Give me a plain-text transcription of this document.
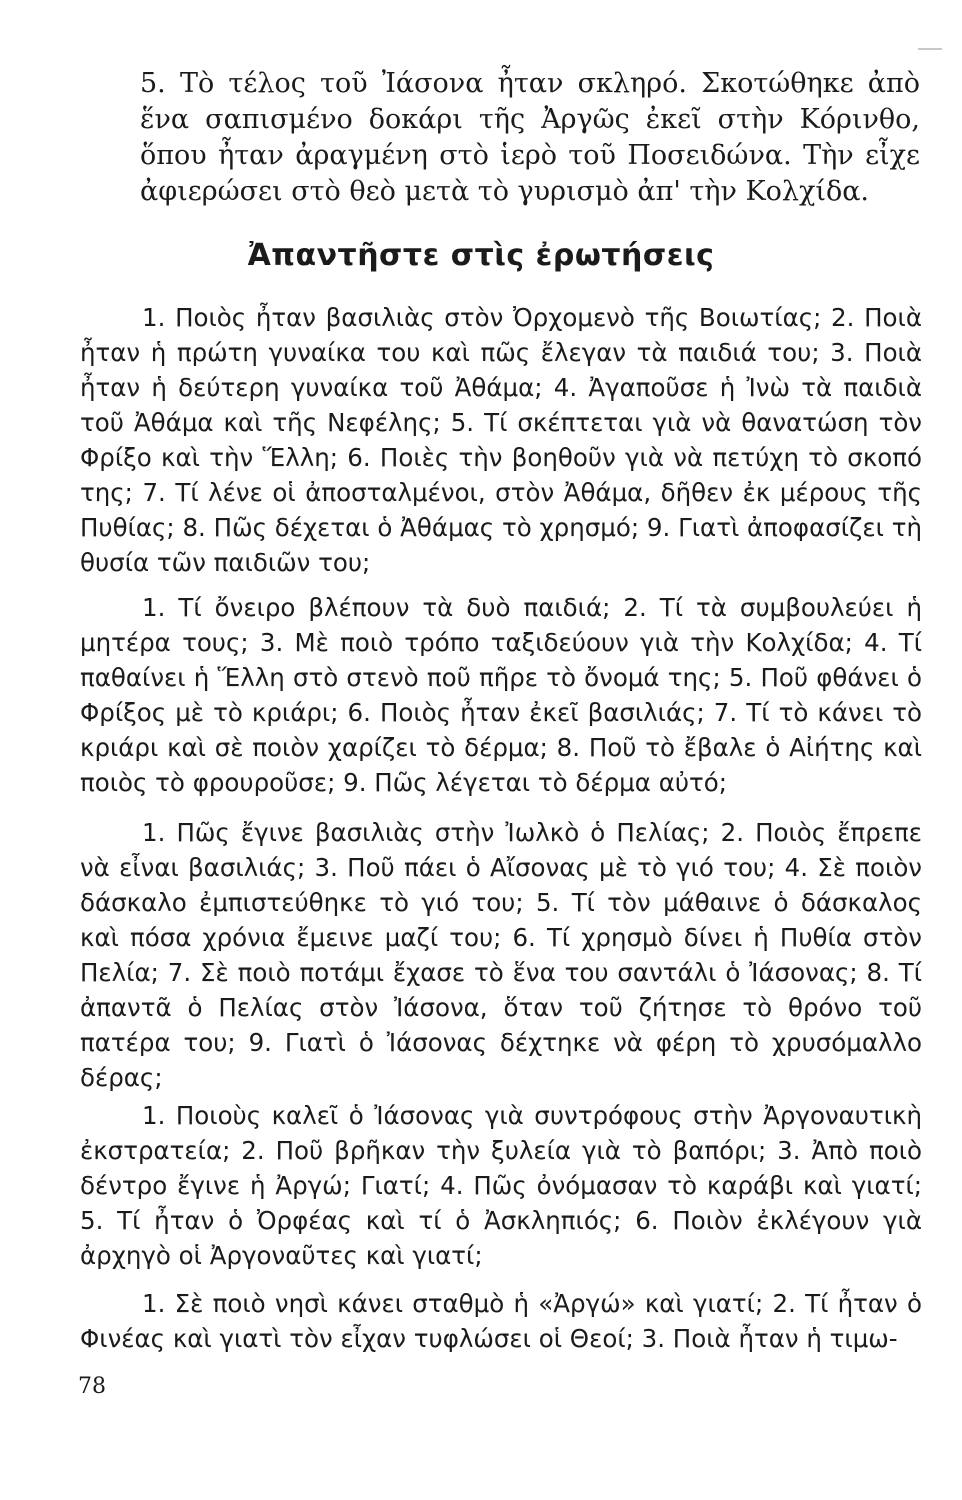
5. Τὸ τέλος τοῦ Ἰάσονα ἦταν σκληρό. Σκοτώθηκε ἀπὸ ἕνα σαπισμένο δοκάρι τῆς Ἀργῶς ἐκεῖ στὴν Κόρινθο, ὅπου ἦταν ἀραγμένη στὸ ἱερὸ τοῦ Ποσειδώνα. Τὴν εἶχε ἀφιερώσει στὸ θεὸ μετὰ τὸ γυρισμὸ ἀπ' τὴν Κολχίδα.
Ἀπαντῆστε στὶς ἐρωτήσεις
1. Ποιὸς ἦταν βασιλιὰς στὸν Ὀρχομενὸ τῆς Βοιωτίας; 2. Ποιὰ ἦταν ἡ πρώτη γυναίκα του καὶ πῶς ἔλεγαν τὰ παιδιά του; 3. Ποιὰ ἦταν ἡ δεύτερη γυναίκα τοῦ Ἀθάμα; 4. Ἀγαποῦσε ἡ Ἰνὼ τὰ παιδιὰ τοῦ Ἀθάμα καὶ τῆς Νεφέλης; 5. Τί σκέπτεται γιὰ νὰ θανατώση τὸν Φρίξο καὶ τὴν Ἕλλη; 6. Ποιὲς τὴν βοηθοῦν γιὰ νὰ πετύχη τὸ σκοπό της; 7. Τί λένε οἱ ἀποσταλμένοι, στὸν Ἀθάμα, δῆθεν ἐκ μέρους τῆς Πυθίας; 8. Πῶς δέχεται ὁ Ἀθάμας τὸ χρησμό; 9. Γιατὶ ἀποφασίζει τὴ θυσία τῶν παιδιῶν του;
1. Τί ὄνειρο βλέπουν τὰ δυὸ παιδιά; 2. Τί τὰ συμβουλεύει ἡ μητέρα τους; 3. Μὲ ποιὸ τρόπο ταξιδεύουν γιὰ τὴν Κολχίδα; 4. Τί παθαίνει ἡ Ἕλλη στὸ στενὸ ποῦ πῆρε τὸ ὄνομά της; 5. Ποῦ φθάνει ὁ Φρίξος μὲ τὸ κριάρι; 6. Ποιὸς ἦταν ἐκεῖ βασιλιάς; 7. Τί τὸ κάνει τὸ κριάρι καὶ σὲ ποιὸν χαρίζει τὸ δέρμα; 8. Ποῦ τὸ ἔβαλε ὁ Αἰήτης καὶ ποιὸς τὸ φρουροῦσε; 9. Πῶς λέγεται τὸ δέρμα αὐτό;
1. Πῶς ἔγινε βασιλιὰς στὴν Ἰωλκὸ ὁ Πελίας; 2. Ποιὸς ἔπρεπε νὰ εἶναι βασιλιάς; 3. Ποῦ πάει ὁ Αἴσονας μὲ τὸ γιό του; 4. Σὲ ποιὸν δάσκαλο ἐμπιστεύθηκε τὸ γιό του; 5. Τί τὸν μάθαινε ὁ δάσκαλος καὶ πόσα χρόνια ἔμεινε μαζί του; 6. Τί χρησμὸ δίνει ἡ Πυθία στὸν Πελία; 7. Σὲ ποιὸ ποτάμι ἔχασε τὸ ἕνα του σαντάλι ὁ Ἰάσονας; 8. Τί ἀπαντᾶ ὁ Πελίας στὸν Ἰάσονα, ὅταν τοῦ ζήτησε τὸ θρόνο τοῦ πατέρα του; 9. Γιατὶ ὁ Ἰάσονας δέχτηκε νὰ φέρη τὸ χρυσόμαλλο δέρας;
1. Ποιοὺς καλεῖ ὁ Ἰάσονας γιὰ συντρόφους στὴν Ἀργοναυτικὴ ἐκστρατεία; 2. Ποῦ βρῆκαν τὴν ξυλεία γιὰ τὸ βαπόρι; 3. Ἀπὸ ποιὸ δέντρο ἔγινε ἡ Ἀργώ; Γιατί; 4. Πῶς ὀνόμασαν τὸ καράβι καὶ γιατί; 5. Τί ἦταν ὁ Ὀρφέας καὶ τί ὁ Ἀσκληπιός; 6. Ποιὸν ἐκλέγουν γιὰ ἀρχηγὸ οἱ Ἀργοναῦτες καὶ γιατί;
1. Σὲ ποιὸ νησὶ κάνει σταθμὸ ἡ «Ἀργώ» καὶ γιατί; 2. Τί ἦταν ὁ Φινέας καὶ γιατὶ τὸν εἶχαν τυφλώσει οἱ Θεοί; 3. Ποιὰ ἦταν ἡ τιμω-
78
